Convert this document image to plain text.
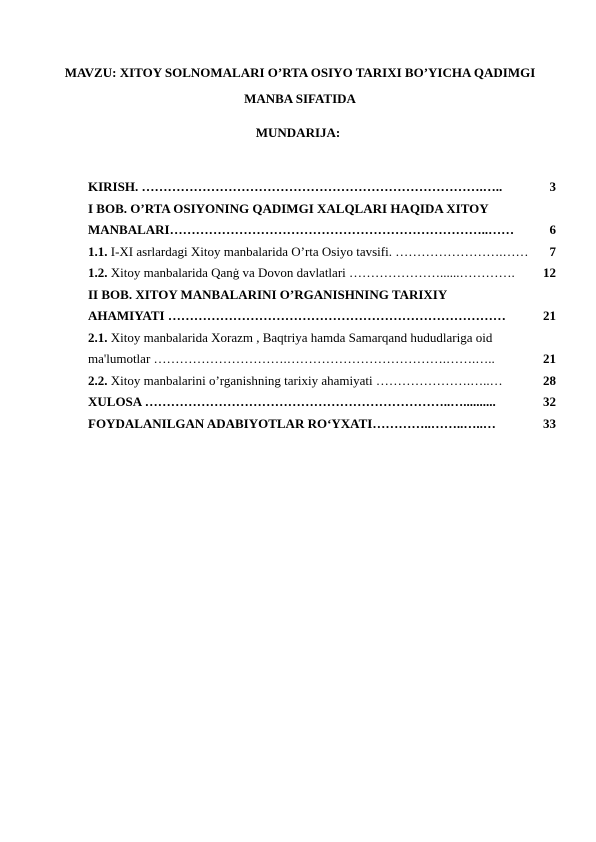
MAVZU: XITOY SOLNOMALARI O’RTA OSIYO TARIXI BO’YICHA QADIMGI MANBA SIFATIDA
MUNDARIJA:
KIRISH. …………………………………………………………………….…..	3
I BOB. O’RTA OSIYONING QADIMGI XALQLARI HAQIDA XITOY
MANBALARI………………………………………………………………..……	6
1.1. I-XI asrlardagi Xitoy manbalarida O’rta Osiyo tavsifi. …………………….…… 7
1.2. Xitoy manbalarida Qanġ va Dovon davlatlari …………………......…………. 12
II BOB. XITOY MANBALARINI O’RGANISHNING TARIXIY
AHAMIYATI ……………………………………………………………………	21
2.1. Xitoy manbalarida Xorazm , Baqtriya hamda Samarqand hududlariga oid
ma'lumotlar ………………………….……………………………….…….…..	21
2.2. Xitoy manbalarini o’rganishning tarixiy ahamiyati ………………….…..…	28
XULOSA ……………………………………………………………..…..........	32
FOYDALANILGAN ADABIYOTLAR RO‘YXATI…………..……..…..…	33
